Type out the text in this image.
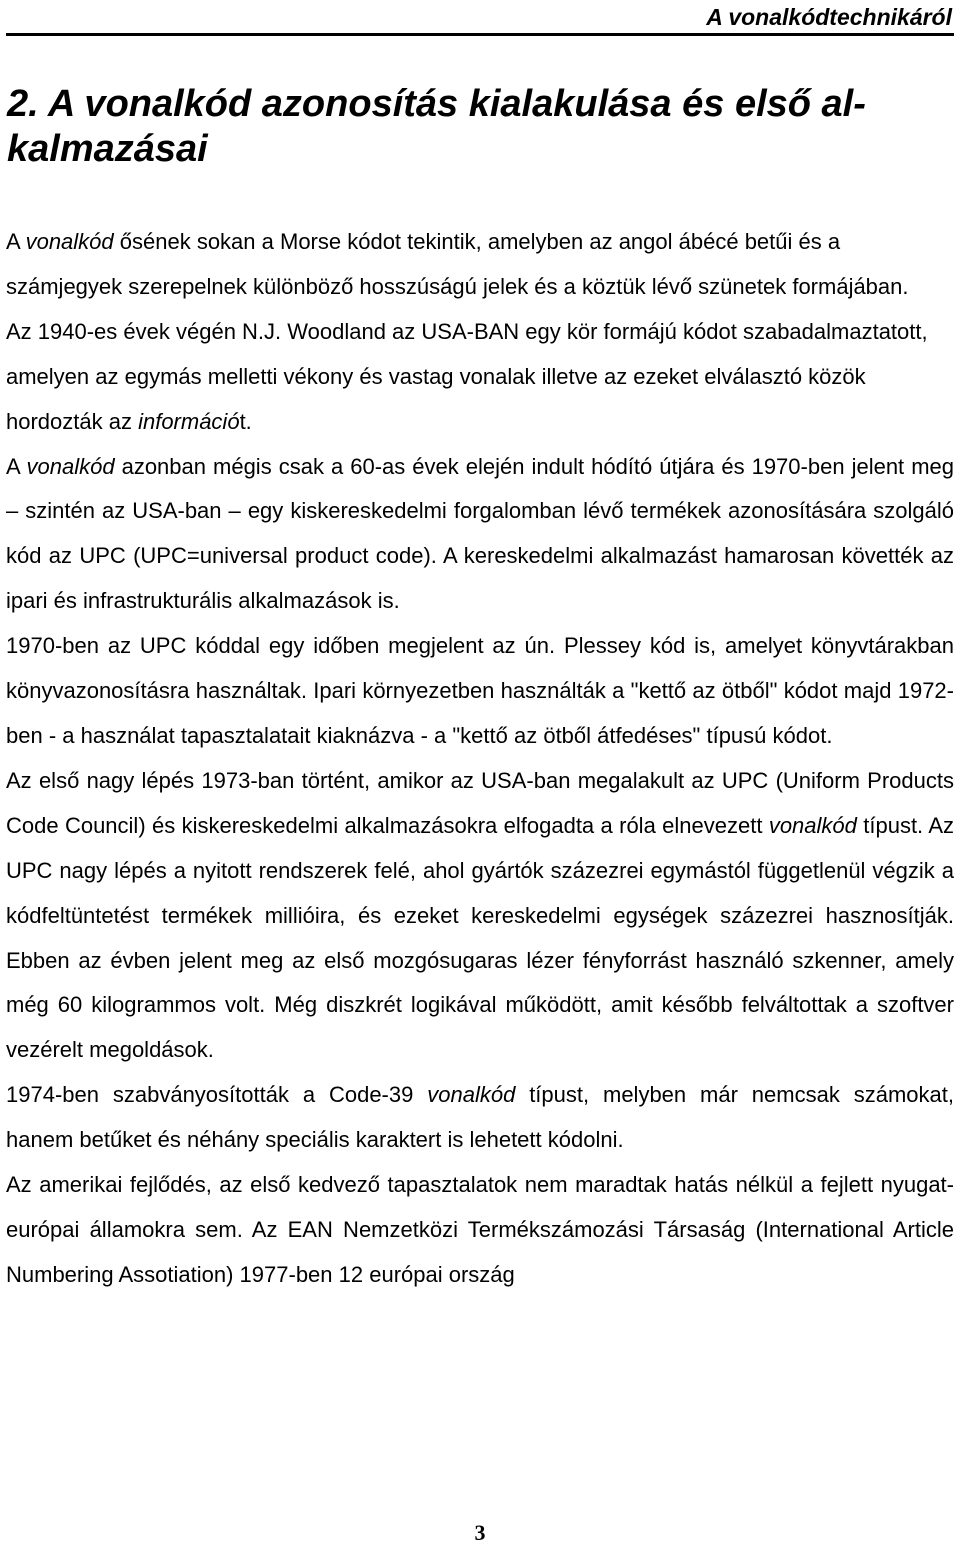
A vonalkódtechnikáról
2. A vonalkód azonosítás kialakulása és első al-kalmazásai

A vonalkód ősének sokan a Morse kódot tekintik, amelyben az angol ábécé betűi és a számjegyek szerepelnek különböző hosszúságú jelek és a köztük lévő szünetek formájában.

Az 1940-es évek végén N.J. Woodland az USA-BAN egy kör formájú kódot szabadalmaztatott, amelyen az egymás melletti vékony és vastag vonalak illetve az ezeket elválasztó közök hordozták az információt.

A vonalkód azonban mégis csak a 60-as évek elején indult hódító útjára és 1970-ben jelent meg – szintén az USA-ban – egy kiskereskedelmi forgalomban lévő termékek azonosítására szolgáló kód az UPC (UPC=universal product code). A kereskedelmi alkalmazást hamarosan követték az ipari és infrastrukturális alkalmazások is.

1970-ben az UPC kóddal egy időben megjelent az ún. Plessey kód is, amelyet könyvtárakban könyvazonosításra használtak. Ipari környezetben használták a "kettő az ötből" kódot majd 1972-ben - a használat tapasztalatait kiaknázva - a "kettő az ötből átfedéses" típusú kódot.

Az első nagy lépés 1973-ban történt, amikor az USA-ban megalakult az UPC (Uniform Products Code Council) és kiskereskedelmi alkalmazásokra elfogadta a róla elnevezett vonalkód típust. Az UPC nagy lépés a nyitott rendszerek felé, ahol gyártók százezrei egymástól függetlenül végzik a kódfeltüntetést termékek millióira, és ezeket kereskedelmi egységek százezrei hasznosítják. Ebben az évben jelent meg az első mozgósugaras lézer fényforrást használó szkenner, amely még 60 kilogrammos volt. Még diszkrét logikával működött, amit később felváltottak a szoftver vezérelt megoldások.

1974-ben szabványosították a Code-39 vonalkód típust, melyben már nemcsak számokat, hanem betűket és néhány speciális karaktert is lehetett kódolni.

Az amerikai fejlődés, az első kedvező tapasztalatok nem maradtak hatás nélkül a fejlett nyugat-európai államokra sem. Az EAN Nemzetközi Termékszámozási Társaság (International Article Numbering Assotiation) 1977-ben 12 európai ország

3
